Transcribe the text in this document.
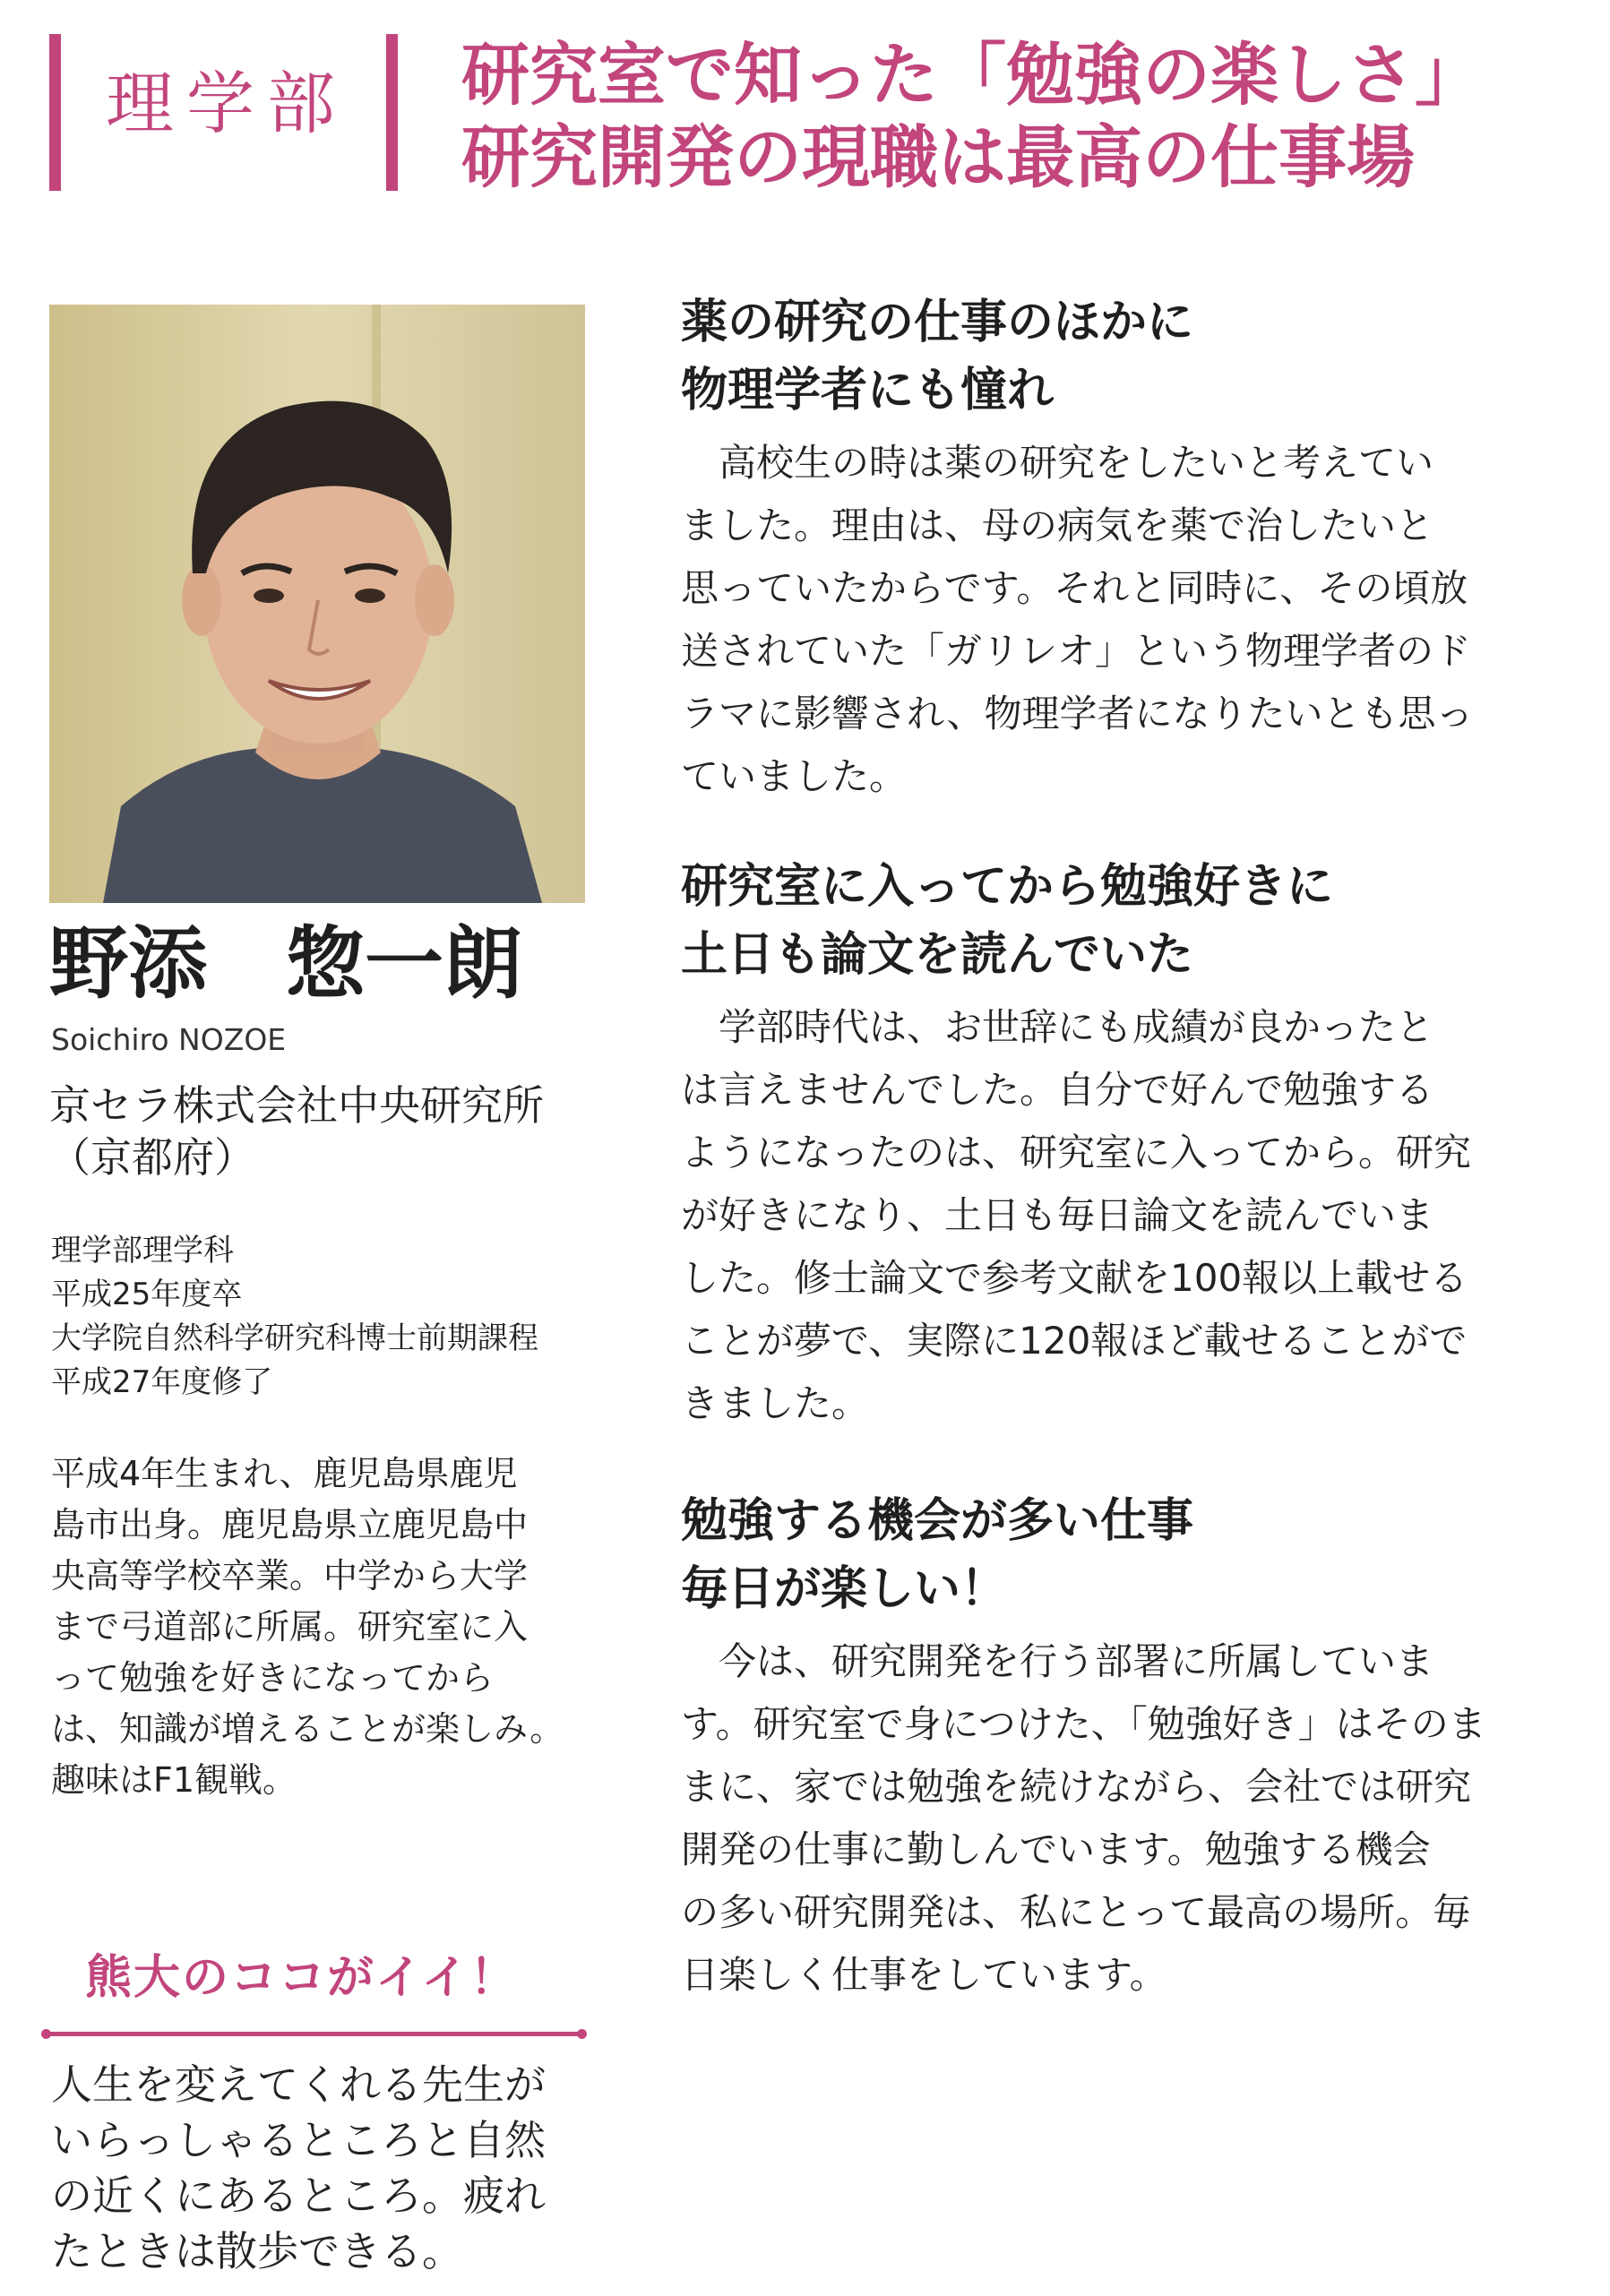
理学部 研究室で知った「勉強の楽しさ」
研究開発の現職は最高の仕事場
野添　惣一朗
Soichiro NOZOE
京セラ株式会社中央研究所
（京都府）
理学部理学科
平成25年度卒
大学院自然科学研究科博士前期課程
平成27年度修了
平成4年生まれ、鹿児島県鹿児
島市出身。鹿児島県立鹿児島中
央高等学校卒業。中学から大学
まで弓道部に所属。研究室に入
って勉強を好きになってから
は、知識が増えることが楽しみ。
趣味はF1観戦。
熊大のココがイイ！
人生を変えてくれる先生が
いらっしゃるところと自然
の近くにあるところ。疲れ
たときは散歩できる。
薬の研究の仕事のほかに
物理学者にも憧れ
　高校生の時は薬の研究をしたいと考えてい
ました。理由は、母の病気を薬で治したいと
思っていたからです。それと同時に、その頃放
送されていた「ガリレオ」という物理学者のド
ラマに影響され、物理学者になりたいとも思っ
ていました。
研究室に入ってから勉強好きに
土日も論文を読んでいた
　学部時代は、お世辞にも成績が良かったと
は言えませんでした。自分で好んで勉強する
ようになったのは、研究室に入ってから。研究
が好きになり、土日も毎日論文を読んでいま
した。修士論文で参考文献を100報以上載せる
ことが夢で、実際に120報ほど載せることがで
きました。
勉強する機会が多い仕事
毎日が楽しい！
　今は、研究開発を行う部署に所属していま
す。研究室で身につけた、「勉強好き」はそのま
まに、家では勉強を続けながら、会社では研究
開発の仕事に勤しんでいます。勉強する機会
の多い研究開発は、私にとって最高の場所。毎
日楽しく仕事をしています。
